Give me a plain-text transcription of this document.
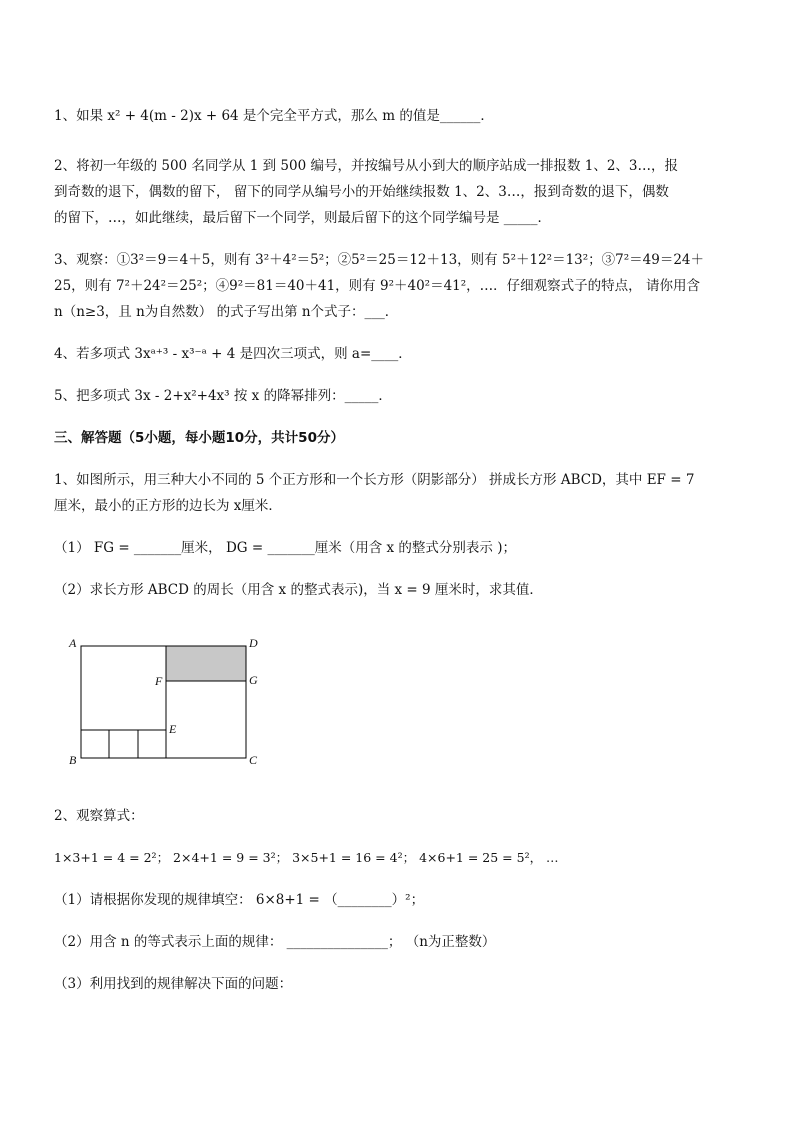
1、如果 x² + 4(m - 2)x + 64 是个完全平方式，那么 m 的值是______．
2、将初一年级的 500 名同学从 1 到 500 编号，并按编号从小到大的顺序站成一排报数 1、2、3…，报
到奇数的退下，偶数的留下， 留下的同学从编号小的开始继续报数 1、2、3…，报到奇数的退下，偶数
的留下，…，如此继续，最后留下一个同学，则最后留下的这个同学编号是 _____．
3、观察：①3²＝9＝4＋5，则有 3²＋4²＝5²；②5²＝25＝12＋13，则有 5²＋12²＝13²；③7²＝49＝24＋
25，则有 7²＋24²＝25²；④9²＝81＝40＋41，则有 9²＋40²＝41²，…．仔细观察式子的特点， 请你用含
n（n≥3，且 n为自然数） 的式子写出第 n个式子：___．
4、若多项式 3xᵃ⁺³ - x³⁻ᵃ + 4 是四次三项式，则 a=____．
5、把多项式 3x - 2+x²+4x³ 按 x 的降幂排列：_____．
三、解答题（5小题，每小题10分，共计50分）
1、如图所示，用三种大小不同的 5 个正方形和一个长方形（阴影部分） 拼成长方形 ABCD，其中 EF = 7
厘米，最小的正方形的边长为 x厘米．
（1） FG = _______厘米， DG = _______厘米（用含 x 的整式分别表示 )；
（2）求长方形 ABCD 的周长（用含 x 的整式表示)，当 x = 9 厘米时，求其值．
A	D
F	G
E
B	C
2、观察算式：
1×3+1 = 4 = 2²； 2×4+1 = 9 = 3²； 3×5+1 = 16 = 4²； 4×6+1 = 25 = 5²， …
（1）请根据你发现的规律填空： 6×8+1 = （________）²；
（2）用含 n 的等式表示上面的规律： _______________； （n为正整数）
（3）利用找到的规律解决下面的问题：
